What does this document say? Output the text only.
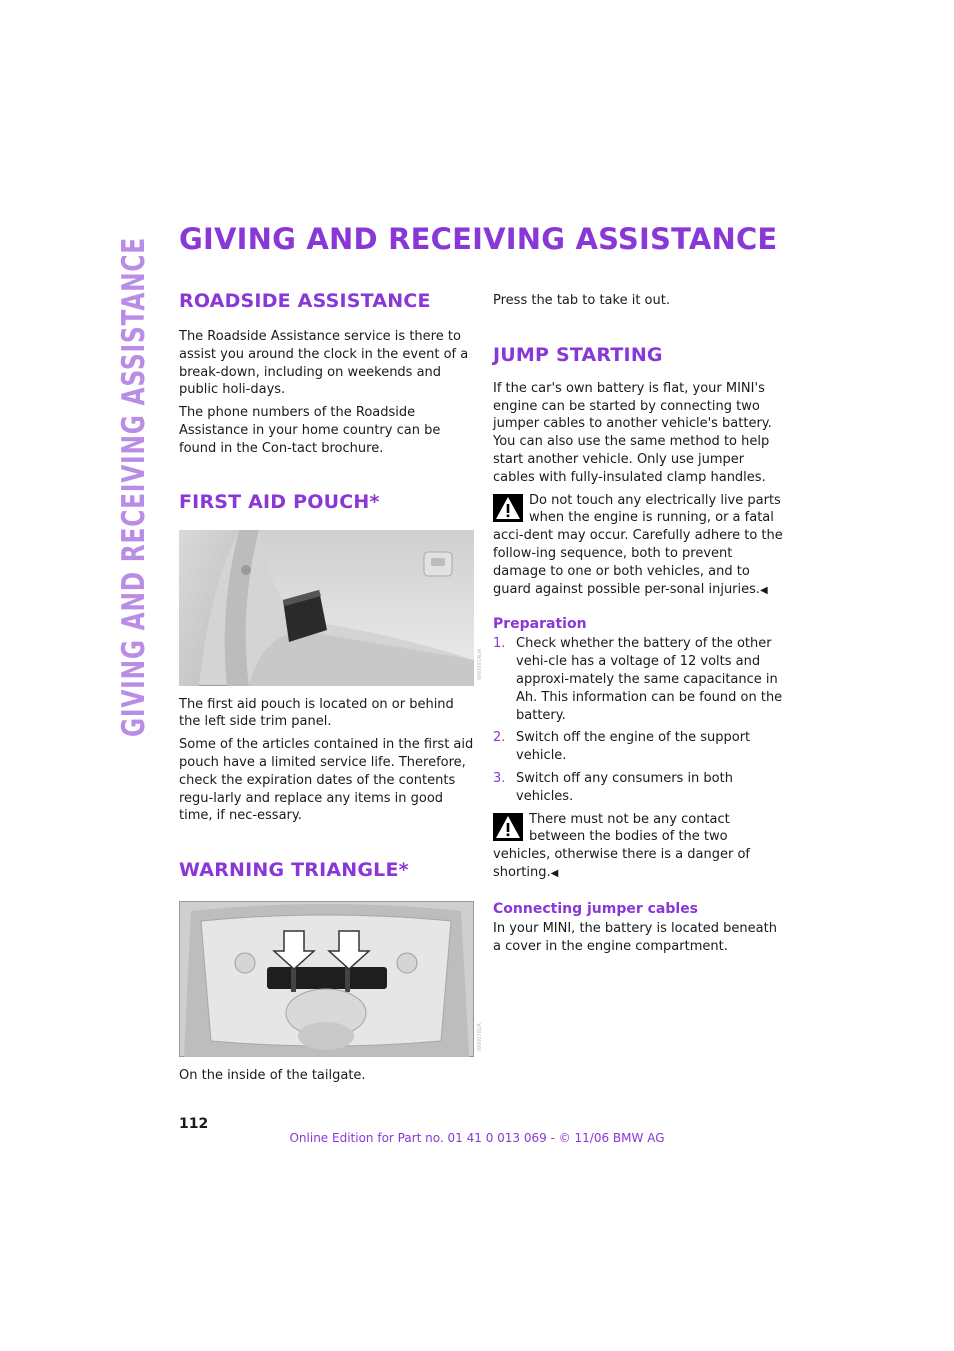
GIVING AND RECEIVING ASSISTANCE GIVING AND RECEIVING ASSISTANCE
ROADSIDE ASSISTANCE

The Roadside Assistance service is there to assist you around the clock in the event of a break-down, including on weekends and public holi-days.

The phone numbers of the Roadside Assistance in your home country can be found in the Con-tact brochure.

FIRST AID POUCH*
W00091AUA

The first aid pouch is located on or behind the left side trim panel.

Some of the articles contained in the first aid pouch have a limited service life. Therefore, check the expiration dates of the contents regu-larly and replace any items in good time, if nec-essary.

WARNING TRIANGLE*
W00078UA

On the inside of the tailgate.

Press the tab to take it out.

JUMP STARTING

If the car's own battery is flat, your MINI's engine can be started by connecting two jumper cables to another vehicle's battery. You can also use the same method to help start another vehicle. Only use jumper cables with fully-insulated clamp handles.

Do not touch any electrically live parts when the engine is running, or a fatal acci-dent may occur. Carefully adhere to the follow-ing sequence, both to prevent damage to one or both vehicles, and to guard against possible per-sonal injuries.◀
Preparation
1. Check whether the battery of the other vehi-cle has a voltage of 12 volts and approxi-mately the same capacitance in Ah. This information can be found on the battery.
2. Switch off the engine of the support vehicle.
3. Switch off any consumers in both vehicles.
There must not be any contact between the bodies of the two vehicles, otherwise there is a danger of shorting.◀
Connecting jumper cables

In your MINI, the battery is located beneath a cover in the engine compartment.

112
Online Edition for Part no. 01 41 0 013 069 - © 11/06 BMW AG
